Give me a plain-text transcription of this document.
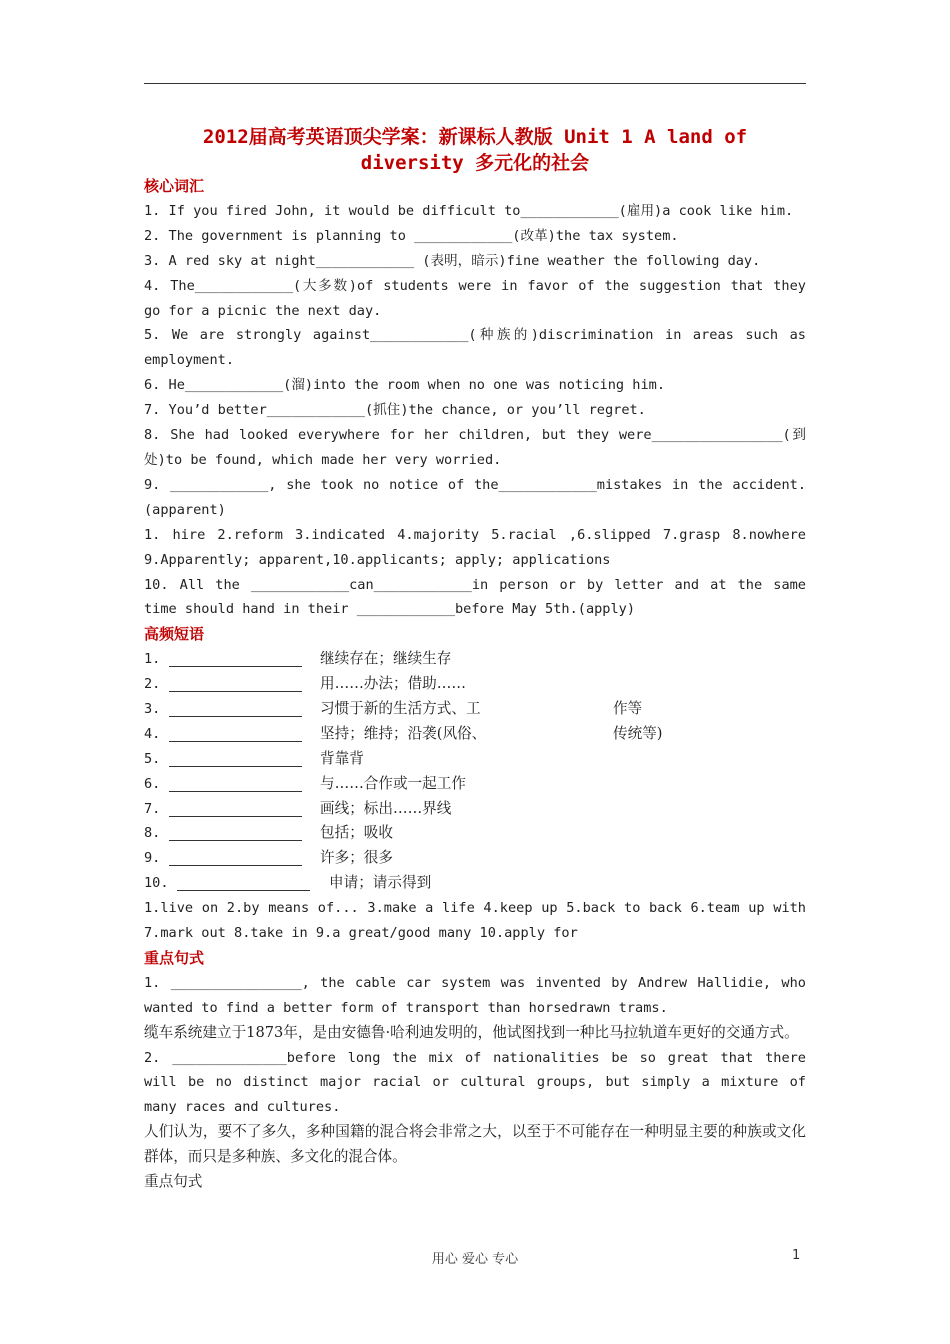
2012届高考英语顶尖学案：新课标人教版 Unit 1 A land of
diversity 多元化的社会
核心词汇
1. If you fired John, it would be difficult to____________(雇用)a cook like him.
2. The government is planning to ____________(改革)the tax system.
3. A red sky at night____________ (表明，暗示)fine weather the following day.
4. The____________(大多数)of students were in favor of the suggestion that they go for a picnic the next day.
5. We are strongly against____________(种族的)discrimination in areas such as employment.
6. He____________(溜)into the room when no one was noticing him.
7. You’d better____________(抓住)the chance, or you’ll regret.
8. She had looked everywhere for her children, but they were________________(到处)to be found, which made her very worried.
9. ____________, she took no notice of the____________mistakes in the accident. (apparent)
1. hire 2.reform 3.indicated 4.majority 5.racial ,6.slipped 7.grasp 8.nowhere 9.Apparently; apparent,10.applicants; apply; applications
10. All the ____________can____________in person or by letter and at the same time should hand in their ____________before May 5th.(apply)
高频短语
1.	继续存在；继续生存
2.	用……办法；借助……
3.	习惯于新的生活方式、工	作等
4.	坚持；维持；沿袭(风俗、	传统等)
5.	背靠背
6.	与……合作或一起工作
7.	画线；标出……界线
8.	包括；吸收
9.	许多；很多
10.	申请；请示得到
1.live on 2.by means of... 3.make a life 4.keep up 5.back to back 6.team up with 7.mark out 8.take in 9.a great/good many 10.apply for
重点句式
1. ________________, the cable car system was invented by Andrew Hallidie, who wanted to find a better form of transport than horsedrawn trams.
缆车系统建立于1873年，是由安德鲁·哈利迪发明的，他试图找到一种比马拉轨道车更好的交通方式。
2. ______________before long the mix of nationalities be so great that there will be no distinct major racial or cultural groups, but simply a mixture of many races and cultures.
人们认为，要不了多久，多种国籍的混合将会非常之大，以至于不可能存在一种明显主要的种族或文化群体，而只是多种族、多文化的混合体。
重点句式
用心 爱心 专心	1
